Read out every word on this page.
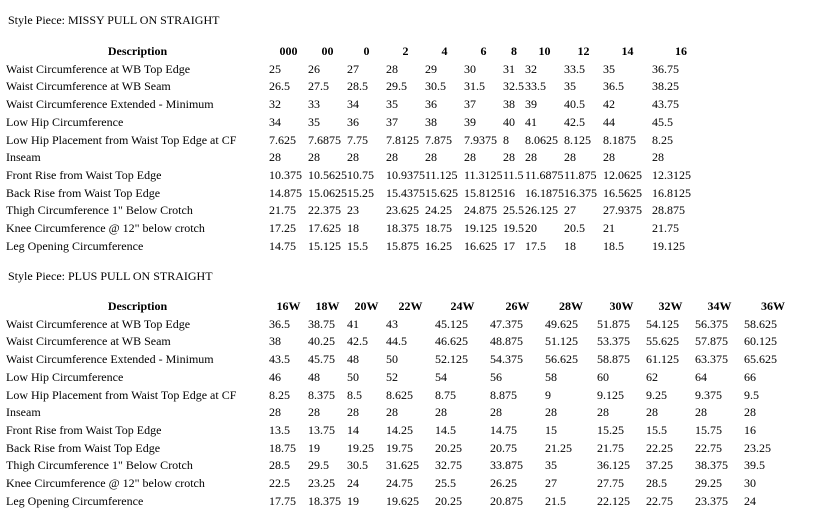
Style Piece: MISSY PULL ON STRAIGHT
Description	000	00	0	2	4	6	8	10	12	14	16
Waist Circumference at WB Top Edge	25	26	27	28	29	30	31	32	33.5	35	36.75
Waist Circumference at WB Seam	26.5	27.5	28.5	29.5	30.5	31.5	32.5	33.5	35	36.5	38.25
Waist Circumference Extended - Minimum	32	33	34	35	36	37	38	39	40.5	42	43.75
Low Hip Circumference	34	35	36	37	38	39	40	41	42.5	44	45.5
Low Hip Placement from Waist Top Edge at CF	7.625	7.6875	7.75	7.8125	7.875	7.9375	8	8.0625	8.125	8.1875	8.25
Inseam	28	28	28	28	28	28	28	28	28	28	28
Front Rise from Waist Top Edge	10.375	10.5625	10.75	10.9375	11.125	11.3125	11.5	11.6875	11.875	12.0625	12.3125
Back Rise from Waist Top Edge	14.875	15.0625	15.25	15.4375	15.625	15.8125	16	16.1875	16.375	16.5625	16.8125
Thigh Circumference 1" Below Crotch	21.75	22.375	23	23.625	24.25	24.875	25.5	26.125	27	27.9375	28.875
Knee Circumference @ 12" below crotch	17.25	17.625	18	18.375	18.75	19.125	19.5	20	20.5	21	21.75
Leg Opening Circumference	14.75	15.125	15.5	15.875	16.25	16.625	17	17.5	18	18.5	19.125
Style Piece: PLUS PULL ON STRAIGHT
Description	16W	18W	20W	22W	24W	26W	28W	30W	32W	34W	36W
Waist Circumference at WB Top Edge	36.5	38.75	41	43	45.125	47.375	49.625	51.875	54.125	56.375	58.625
Waist Circumference at WB Seam	38	40.25	42.5	44.5	46.625	48.875	51.125	53.375	55.625	57.875	60.125
Waist Circumference Extended - Minimum	43.5	45.75	48	50	52.125	54.375	56.625	58.875	61.125	63.375	65.625
Low Hip Circumference	46	48	50	52	54	56	58	60	62	64	66
Low Hip Placement from Waist Top Edge at CF	8.25	8.375	8.5	8.625	8.75	8.875	9	9.125	9.25	9.375	9.5
Inseam	28	28	28	28	28	28	28	28	28	28	28
Front Rise from Waist Top Edge	13.5	13.75	14	14.25	14.5	14.75	15	15.25	15.5	15.75	16
Back Rise from Waist Top Edge	18.75	19	19.25	19.75	20.25	20.75	21.25	21.75	22.25	22.75	23.25
Thigh Circumference 1" Below Crotch	28.5	29.5	30.5	31.625	32.75	33.875	35	36.125	37.25	38.375	39.5
Knee Circumference @ 12" below crotch	22.5	23.25	24	24.75	25.5	26.25	27	27.75	28.5	29.25	30
Leg Opening Circumference	17.75	18.375	19	19.625	20.25	20.875	21.5	22.125	22.75	23.375	24
